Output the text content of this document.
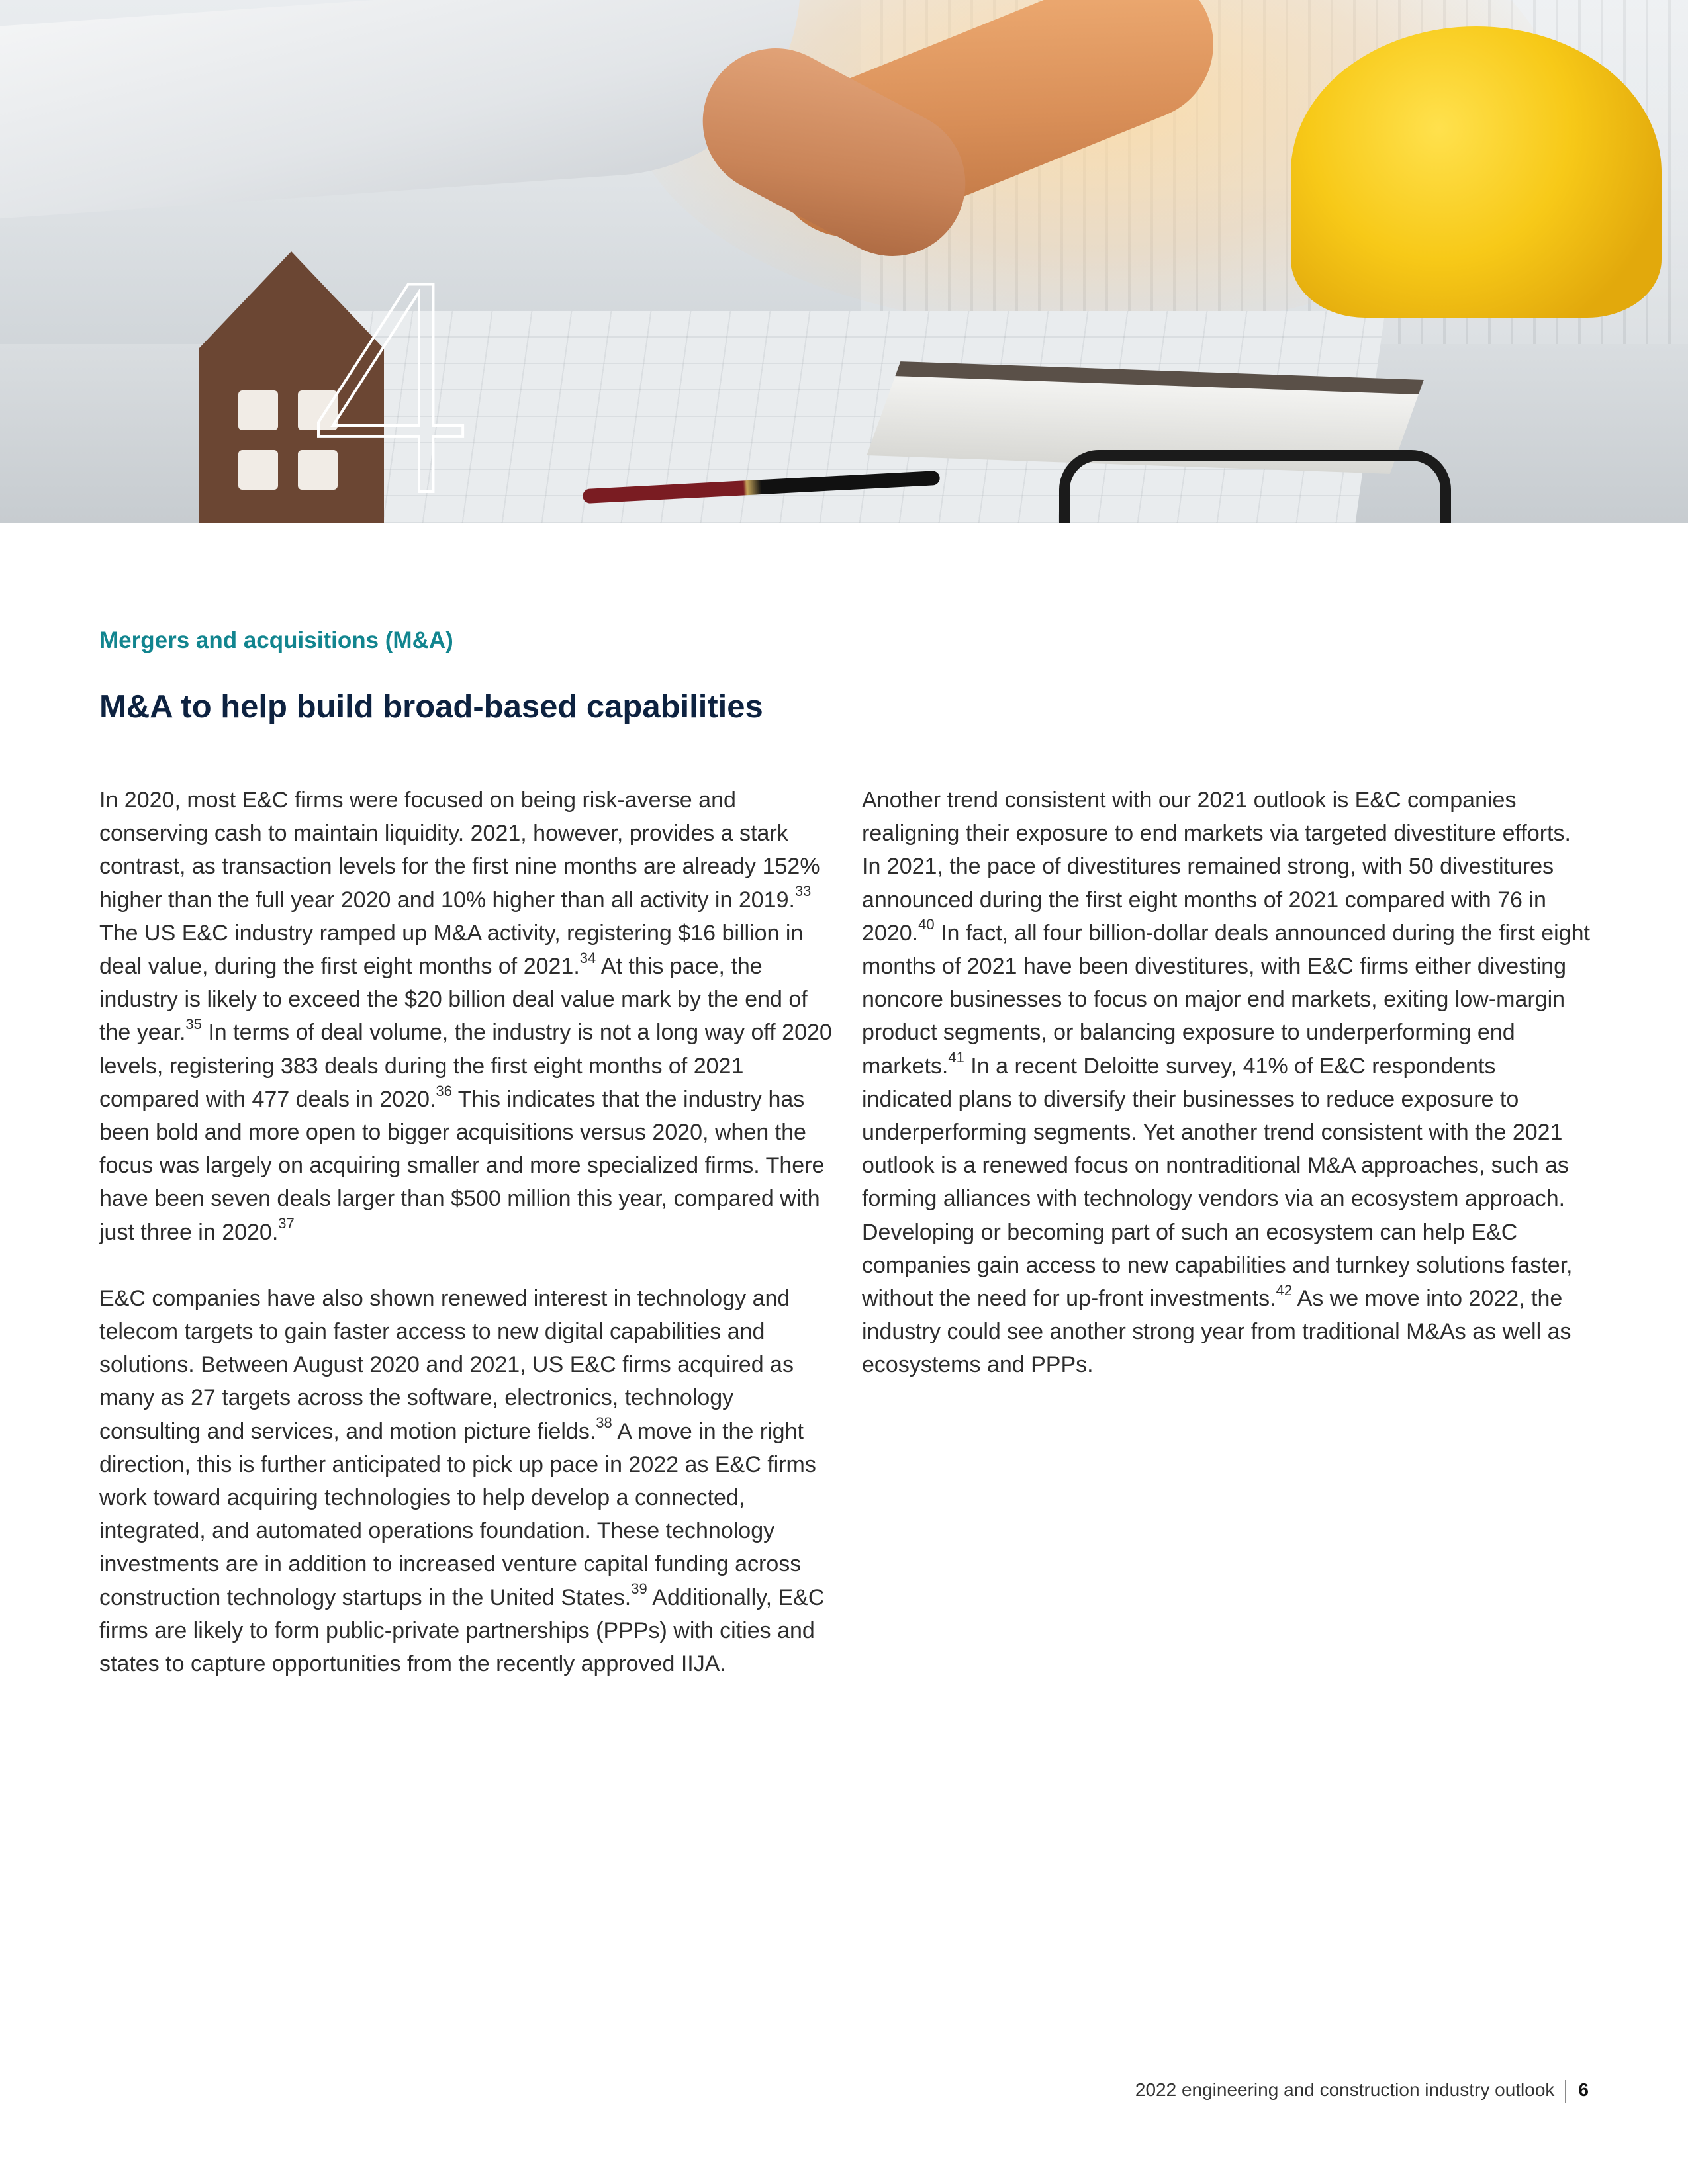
4
Mergers and acquisitions (M&A)
M&A to help build broad-based capabilities

In 2020, most E&C firms were focused on being risk-averse and conserving cash to maintain liquidity. 2021, however, provides a stark contrast, as transaction levels for the first nine months are already 152% higher than the full year 2020 and 10% higher than all activity in 2019.33 The US E&C industry ramped up M&A activity, registering $16 billion in deal value, during the first eight months of 2021.34 At this pace, the industry is likely to exceed the $20 billion deal value mark by the end of the year.$^{35}$ In terms of deal volume, the industry is not a long way off 2020 levels, registering 383 deals during the first eight months of 2021 compared with 477 deals in 2020.36 This indicates that the industry has been bold and more open to bigger acquisitions versus 2020, when the focus was largely on acquiring smaller and more specialized firms. There have been seven deals larger than $500 million this year, compared with just three in 2020.37

E&C companies have also shown renewed interest in technology and telecom targets to gain faster access to new digital capabilities and solutions. Between August 2020 and 2021, US E&C firms acquired as many as 27 targets across the software, electronics, technology consulting and services, and motion picture fields.$^{38}$ A move in the right direction, this is further anticipated to pick up pace in 2022 as E&C firms work toward acquiring technologies to help develop a connected, integrated, and automated operations foundation. These technology investments are in addition to increased venture capital funding across construction technology startups in the United States.$^{39}$ Additionally, E&C firms are likely to form public-private partnerships (PPPs) with cities and states to capture opportunities from the recently approved IIJA.

Another trend consistent with our 2021 outlook is E&C companies realigning their exposure to end markets via targeted divestiture efforts. In 2021, the pace of divestitures remained strong, with 50 divestitures announced during the first eight months of 2021 compared with 76 in 2020.40 In fact, all four billion-dollar deals announced during the first eight months of 2021 have been divestitures, with E&C firms either divesting noncore businesses to focus on major end markets, exiting low-margin product segments, or balancing exposure to underperforming end markets.$^{41}$ In a recent Deloitte survey, 41% of E&C respondents indicated plans to diversify their businesses to reduce exposure to underperforming segments. Yet another trend consistent with the 2021 outlook is a renewed focus on nontraditional M&A approaches, such as forming alliances with technology vendors via an ecosystem approach. Developing or becoming part of such an ecosystem can help E&C companies gain access to new capabilities and turnkey solutions faster, without the need for up-front investments.$^{42}$ As we move into 2022, the industry could see another strong year from traditional M&As as well as ecosystems and PPPs.

2022 engineering and construction industry outlook 6
